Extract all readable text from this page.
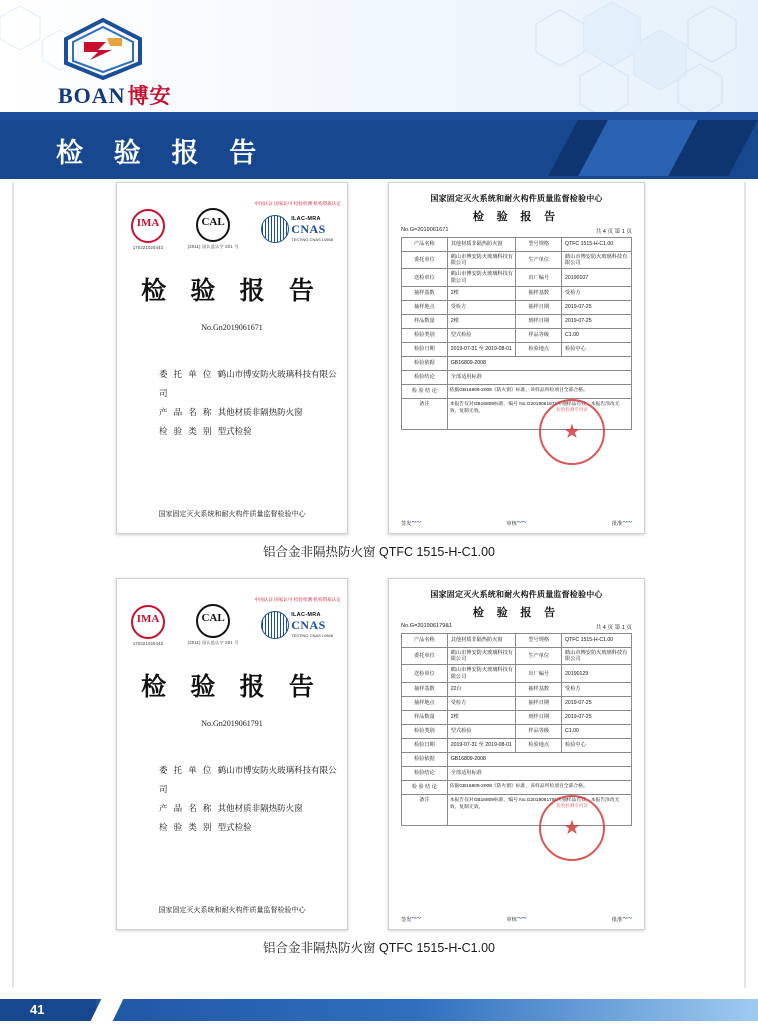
BOAN博安
检 验 报 告
IMA
170321020443
CAL
(2011) 国认监认字 201 号
ILAC-MRA
CNAS
TESTING CNAS L0568
中国认证 国家认可 检验检测 机构资质认定
检 验 报 告
No.Gn2019061671
委 托 单 位 鹤山市博安防火玻璃科技有限公司
产 品 名 称 其他材质非隔热防火窗
检 验 类 别 型式检验
国家固定灭火系统和耐火构件质量监督检验中心
国家固定灭火系统和耐火构件质量监督检验中心
检 验 报 告
No.G=2019061671	共 4 页 第 1 页
产品名称	其他材质非隔热防火窗	型号规格	QTFC 1515-H-C1.00
委托单位	鹤山市博安防火玻璃科技有限公司	生产单位	鹤山市博安防火玻璃科技有限公司
送检单位	鹤山市博安防火玻璃科技有限公司	出厂编号	20190107
抽样基数	2樘	抽样基数	受检方
抽样地点	受检方	抽样日期	2019-07-25
样品数量	2樘	到样日期	2019-07-25
检验类别	型式检验	样品等级	C1.00
检验日期	2019-07-31 至 2019-08-01	检验地点	检验中心
检验依据	GB16809-2008		
检验结论	全部适用标准		
检 验 结 论	依据GB16809-2008《防火窗》标准，该样品所检项目全部合格。
检验检测专用章
★

备注	本报告仅对GB16809标准、编号 No.G2019061671所抽样品有效。本报告涂改无效，复制无效。		
签发~~	审核~~	批准~~
铝合金非隔热防火窗 QTFC 1515-H-C1.00
IMA
170321020443
CAL
(2011) 国认监认字 201 号
ILAC-MRA
CNAS
TESTING CNAS L0568
中国认证 国家认可 检验检测 机构资质认定
检 验 报 告
No.Gn2019061791
委 托 单 位 鹤山市博安防火玻璃科技有限公司
产 品 名 称 其他材质非隔热防火窗
检 验 类 别 型式检验
国家固定灭火系统和耐火构件质量监督检验中心
国家固定灭火系统和耐火构件质量监督检验中心
检 验 报 告
No.G=201906179&1	共 4 页 第 1 页
产品名称	其他材质非隔热防火窗	型号规格	QTFC 1515-H-C1.00
委托单位	鹤山市博安防火玻璃科技有限公司	生产单位	鹤山市博安防火玻璃科技有限公司
送检单位	鹤山市博安防火玻璃科技有限公司	出厂编号	20190129
抽样基数	22台	抽样基数	受检方
抽样地点	受检方	抽样日期	2019-07-25
样品数量	2樘	到样日期	2019-07-25
检验类别	型式检验	样品等级	C1.00
检验日期	2019-07-31 至 2019-08-01	检验地点	检验中心
检验依据	GB16809-2008		
检验结论	全部适用标准		
检 验 结 论	依据GB16809-2008《防火窗》标准，该样品所检项目全部合格。
检验检测专用章
★

备注	本报告仅对GB16809标准、编号 No.G2019061791所抽样品有效。本报告涂改无效，复制无效。		
签发~~	审核~~	批准~~
铝合金非隔热防火窗 QTFC 1515-H-C1.00
41
